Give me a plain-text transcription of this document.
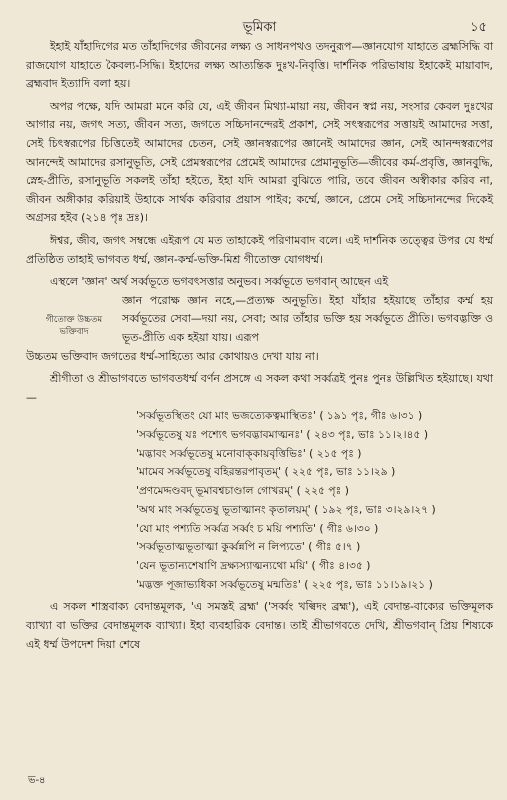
ভূমিকা	১৫

ইহাই যাঁহাদিগের মত তাঁহাদিগের জীবনের লক্ষ্য ও সাধনপথও তদনুরূপ—জ্ঞানযোগ যাহাতে ব্রহ্মসিদ্ধি বা রাজযোগ যাহাতে কৈবল্য-সিদ্ধি। ইহাদের লক্ষ্য আত্যন্তিক দুঃখ-নিবৃত্তি। দার্শনিক পরিভাষায় ইহাকেই মায়াবাদ, ব্রহ্মবাদ ইত্যাদি বলা হয়।

অপর পক্ষে, যদি আমরা মনে করি যে, এই জীবন মিথ্যা-মায়া নয়, জীবন স্বপ্ন নয়, সংসার কেবল দুঃখের আগার নয়, জগৎ সত্য, জীবন সত্য, জগতে সচ্চিদানন্দেরই প্রকাশ, সেই সৎস্বরূপের সত্তায়ই আমাদের সত্তা, সেই চিৎস্বরূপের চিত্তিতেই আমাদের চেতন, সেই জ্ঞানস্বরূপের জ্ঞানেই আমাদের জ্ঞান, সেই আনন্দস্বরূপের আনন্দেই আমাদের রসানুভূতি, সেই প্রেমস্বরূপের প্রেমেই আমাদের প্রেমানুভূতি—জীবের কর্ম-প্রবৃত্তি, জ্ঞানবুদ্ধি, স্নেহ-প্রীতি, রসানুভূতি সকলই তাঁহা হইতে, ইহা যদি আমরা বুঝিতে পারি, তবে জীবন অস্বীকার করিব না, জীবন অঙ্গীকার করিয়াই উহাকে সার্থক করিবার প্রয়াস পাইব; কর্ম্মে, জ্ঞানে, প্রেমে সেই সচ্চিদানন্দের দিকেই অগ্রসর হইব (২১৪ পৃঃ দ্রঃ)।

ঈশ্বর, জীব, জগৎ সম্বন্ধে এইরূপ যে মত তাহাকেই পরিণামবাদ বলে। এই দার্শনিক তত্ত্বের উপর যে ধর্ম্ম প্রতিষ্ঠিত তাহাই ভাগবত ধর্ম্ম, জ্ঞান-কর্ম্ম-ভক্তি-মিশ্র গীতোক্ত যোগধর্ম্ম।

এস্থলে 'জ্ঞান' অর্থ সর্ব্বভূতে ভগবৎসত্তার অনুভব। সর্ব্বভূতে ভগবান্ আছেন এই

গীতোক্ত উচ্চতম
ভক্তিবাদ

জ্ঞান পরোক্ষ জ্ঞান নহে,—প্রত্যক্ষ অনুভূতি। ইহা যাঁহার হইয়াছে তাঁহার কর্ম্ম হয় সর্ব্বভূতের সেবা—দয়া নয়, সেবা; আর তাঁহার ভক্তি হয় সর্ব্বভূতে প্রীতি। ভগবদ্ভক্তি ও ভূত-প্রীতি এক হইয়া যায়। এরূপ

উচ্চতম ভক্তিবাদ জগতের ধর্ম্ম-সাহিত্যে আর কোথায়ও দেখা যায় না।

শ্রীগীতা ও শ্রীভাগবতে ভাগবতধর্ম্ম বর্ণন প্রসঙ্গে এ সকল কথা সর্ব্বত্রই পুনঃ পুনঃ উল্লিখিত হইয়াছে। যথা—

'সর্ব্বভূতস্থিতং যো মাং ভজত্যেকত্বমাস্থিতঃ' ( ১৯১ পৃঃ, গীঃ ৬।৩১ )
'সর্ব্বভূতেষু যঃ পশ্যেৎ ভগবদ্ভাবমাত্মনঃ' ( ২৪৩ পৃঃ, ভাঃ ১১।২।৪৫ )
'মদ্ভাবং সর্ব্বভূতেষু মনোবাক্‌কায়বৃত্তিভিঃ' ( ২১৫ পৃঃ )
'মামেব সর্ব্বভূতেষু বহিরন্তরপাবৃতম্' ( ২২৫ পৃঃ, ভাঃ ১১।২৯ )
'প্রণমেদ্দণ্ডবদ্ ভূমাবশ্বচাণ্ডাল গোখরম্' ( ২২৫ পৃঃ )
'অথ মাং সর্ব্বভূতেষু ভূতাত্মানং কৃতালয়ম্' ( ১৯২ পৃঃ, ভাঃ ৩।২৯।২৭ )
'যো মাং পশ্যতি সর্ব্বত্র সর্ব্বং চ ময়ি পশ্যতি' ( গীঃ ৬।৩০ )
'সর্ব্বভূতাত্মভূতাত্মা কুর্ব্বন্নপি ন লিপ্যতে' ( গীঃ ৫।৭ )
'যেন ভূতান্যশেষাণি দ্রক্ষ্যস্যাত্মন্যথো ময়ি' ( গীঃ ৪।৩৫ )
'মদ্ভক্ত পূজাভ্যধিকা সর্ব্বভূতেষু মন্মতিঃ' ( ২২৫ পৃঃ, ভাঃ ১১।১৯।২১ )

এ সকল শাস্ত্রবাক্য বেদান্তমূলক, 'এ সমস্তই ব্রহ্ম' ('সর্ব্বং খল্বিদং ব্রহ্ম'), এই বেদান্ত-বাক্যের ভক্তিমূলক ব্যাখ্যা বা ভক্তির বেদান্তমূলক ব্যাখ্যা। ইহা ব্যবহারিক বেদান্ত। তাই শ্রীভাগবতে দেখি, শ্রীভগবান্ প্রিয় শিষ্যকে এই ধর্ম্ম উপদেশ দিয়া শেষে

ভ-৪
